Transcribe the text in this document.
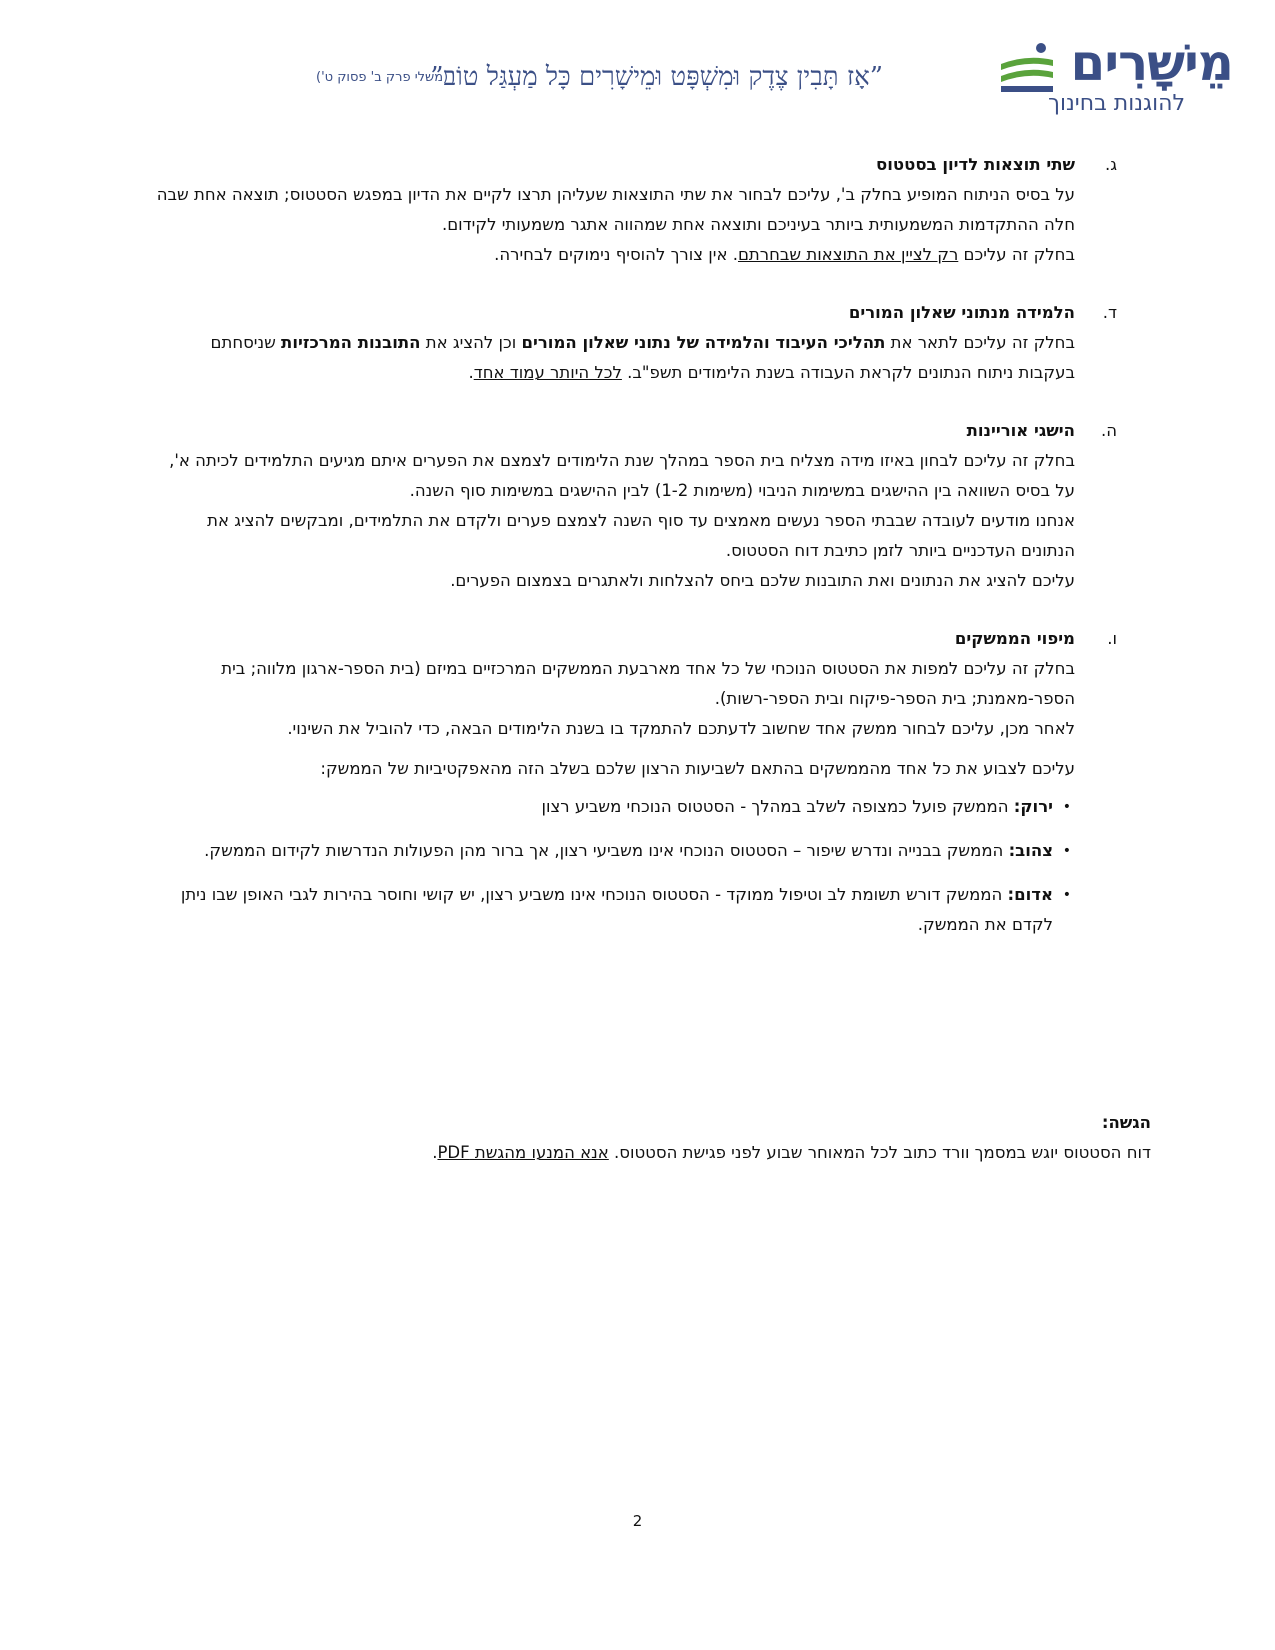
מֵישָׁרִים
להוגנות בחינוך
”אָז תָּבִין צֶדֶק וּמִשְׁפָּט וּמֵישָׁרִים כָּל מַעְגַּל טוֹב”
(משלי פרק ב' פסוק ט')
ג.

שתי תוצאות לדיון בסטטוס

על בסיס הניתוח המופיע בחלק ב', עליכם לבחור את שתי התוצאות שעליהן תרצו לקיים את הדיון במפגש הסטטוס; תוצאה אחת שבה חלה ההתקדמות המשמעותית ביותר בעיניכם ותוצאה אחת שמהווה אתגר משמעותי לקידום.

בחלק זה עליכם רק לציין את התוצאות שבחרתם. אין צורך להוסיף נימוקים לבחירה.

ד.

הלמידה מנתוני שאלון המורים

בחלק זה עליכם לתאר את תהליכי העיבוד והלמידה של נתוני שאלון המורים וכן להציג את התובנות המרכזיות שניסחתם בעקבות ניתוח הנתונים לקראת העבודה בשנת הלימודים תשפ"ב. לכל היותר עמוד אחד.

ה.

הישגי אוריינות

בחלק זה עליכם לבחון באיזו מידה מצליח בית הספר במהלך שנת הלימודים לצמצם את הפערים איתם מגיעים התלמידים לכיתה א', על בסיס השוואה בין ההישגים במשימות הניבוי (משימות 1-2) לבין ההישגים במשימות סוף השנה.

אנחנו מודעים לעובדה שבבתי הספר נעשים מאמצים עד סוף השנה לצמצם פערים ולקדם את התלמידים, ומבקשים להציג את הנתונים העדכניים ביותר לזמן כתיבת דוח הסטטוס.

עליכם להציג את הנתונים ואת התובנות שלכם ביחס להצלחות ולאתגרים בצמצום הפערים.

ו.

מיפוי הממשקים

בחלק זה עליכם למפות את הסטטוס הנוכחי של כל אחד מארבעת הממשקים המרכזיים במיזם (בית הספר-ארגון מלווה; בית הספר-מאמנת; בית הספר-פיקוח ובית הספר-רשות).

לאחר מכן, עליכם לבחור ממשק אחד שחשוב לדעתכם להתמקד בו בשנת הלימודים הבאה, כדי להוביל את השינוי.

עליכם לצבוע את כל אחד מהממשקים בהתאם לשביעות הרצון שלכם בשלב הזה מהאפקטיביות של הממשק:

•
ירוק: הממשק פועל כמצופה לשלב במהלך - הסטטוס הנוכחי משביע רצון
•
צהוב: הממשק בבנייה ונדרש שיפור – הסטטוס הנוכחי אינו משביעי רצון, אך ברור מהן הפעולות הנדרשות לקידום הממשק.
•
אדום: הממשק דורש תשומת לב וטיפול ממוקד - הסטטוס הנוכחי אינו משביע רצון, יש קושי וחוסר בהירות לגבי האופן שבו ניתן לקדם את הממשק.

הגשה:

דוח הסטטוס יוגש במסמך וורד כתוב לכל המאוחר שבוע לפני פגישת הסטטוס. אנא המנעו מהגשת PDF.

2
